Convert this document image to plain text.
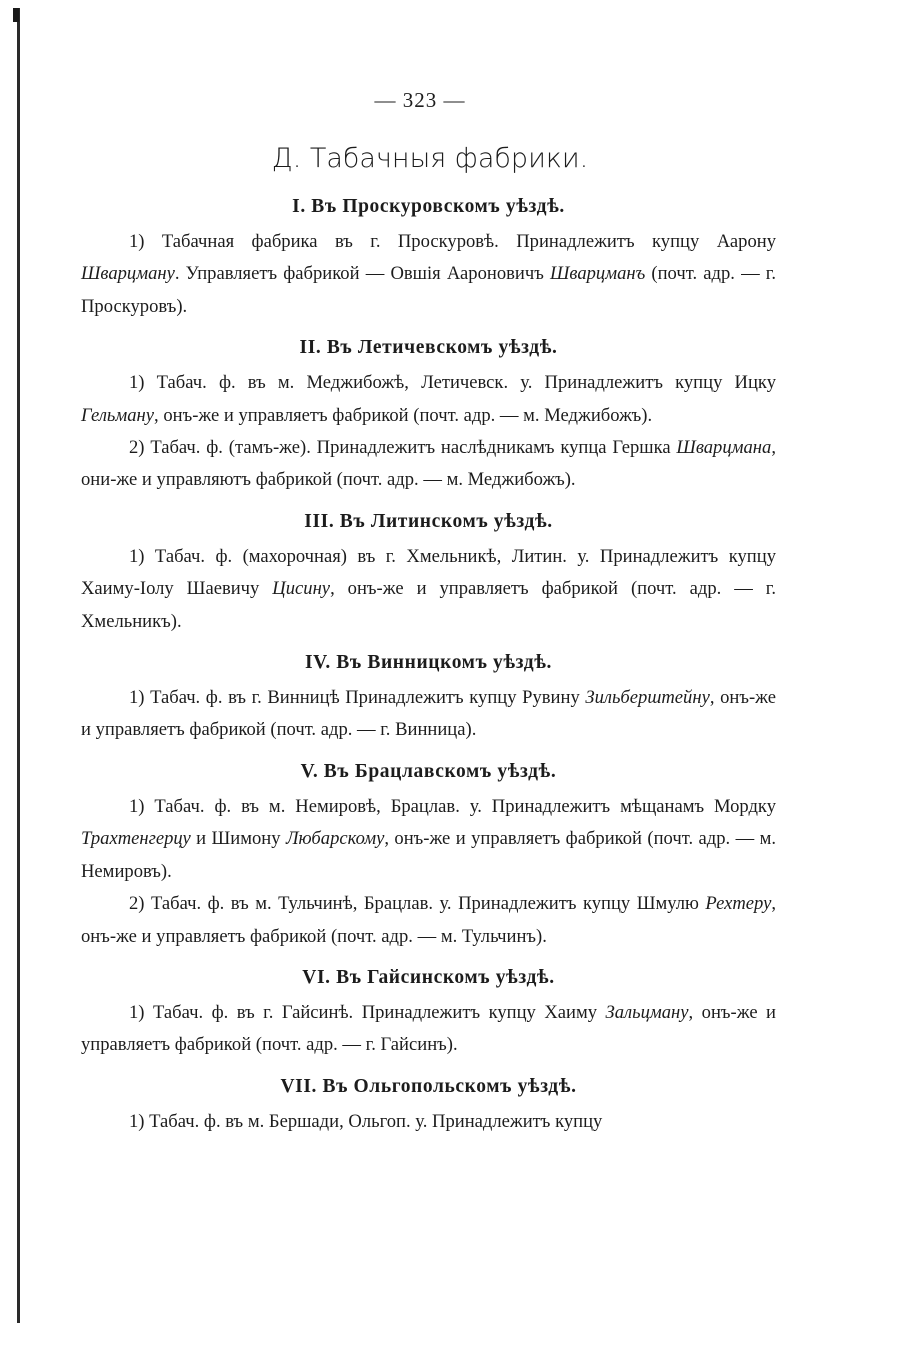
— 323 —
Д. Табачныя фабрики.
I. Въ Проскуровскомъ уѣздѣ.

1) Табачная фабрика въ г. Проскуровѣ. Принадлежитъ купцу Аарону Шварцману. Управляетъ фабрикой — Овшія Аароновичъ Шварцманъ (почт. адр. — г. Проскуровъ).

II. Въ Летичевскомъ уѣздѣ.

1) Табач. ф. въ м. Меджибожѣ, Летичевск. у. Принадлежитъ купцу Ицку Гельману, онъ-же и управляетъ фабрикой (почт. адр. — м. Меджибожъ).

2) Табач. ф. (тамъ-же). Принадлежитъ наслѣдникамъ купца Гершка Шварцмана, они-же и управляютъ фабрикой (почт. адр. — м. Меджибожъ).

III. Въ Литинскомъ уѣздѣ.

1) Табач. ф. (махорочная) въ г. Хмельникѣ, Литин. у. Принадлежитъ купцу Хаиму-Іолу Шаевичу Цисину, онъ-же и управляетъ фабрикой (почт. адр. — г. Хмельникъ).

IV. Въ Винницкомъ уѣздѣ.

1) Табач. ф. въ г. Винницѣ Принадлежитъ купцу Рувину Зильберштейну, онъ-же и управляетъ фабрикой (почт. адр. — г. Винница).

V. Въ Брацлавскомъ уѣздѣ.

1) Табач. ф. въ м. Немировѣ, Брацлав. у. Принадлежитъ мѣщанамъ Мордку Трахтенгерцу и Шимону Любарскому, онъ-же и управляетъ фабрикой (почт. адр. — м. Немировъ).

2) Табач. ф. въ м. Тульчинѣ, Брацлав. у. Принадлежитъ купцу Шмулю Рехтеру, онъ-же и управляетъ фабрикой (почт. адр. — м. Тульчинъ).

VI. Въ Гайсинскомъ уѣздѣ.

1) Табач. ф. въ г. Гайсинѣ. Принадлежитъ купцу Хаиму Зальцману, онъ-же и управляетъ фабрикой (почт. адр. — г. Гайсинъ).

VII. Въ Ольгопольскомъ уѣздѣ.

1) Табач. ф. въ м. Бершади, Ольгоп. у. Принадлежитъ купцу
